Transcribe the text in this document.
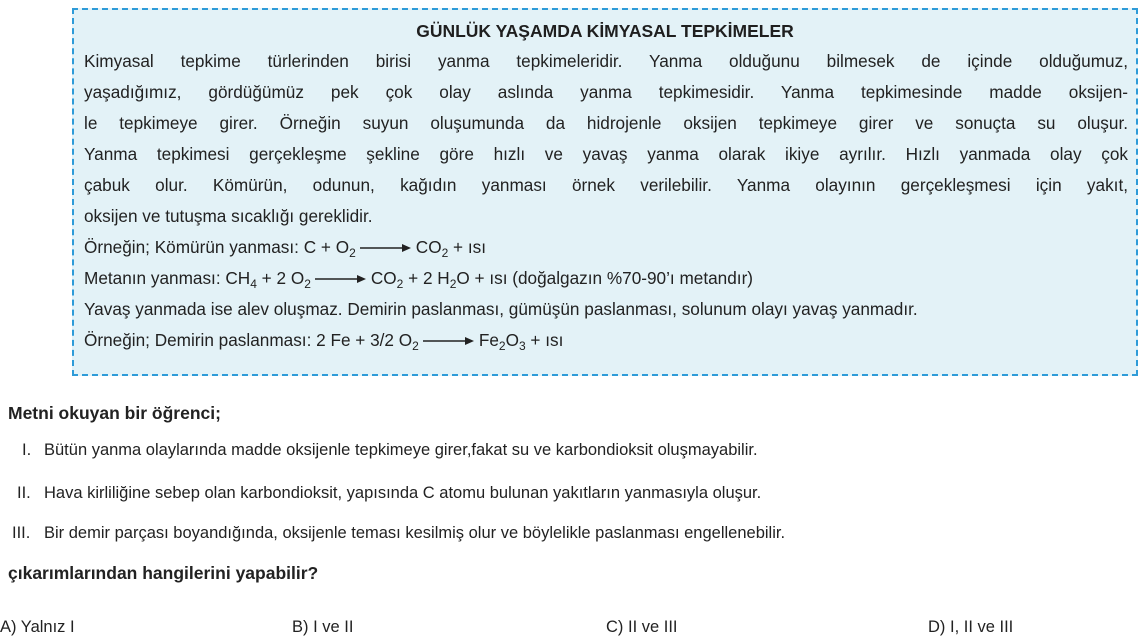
GÜNLÜK YAŞAMDA KİMYASAL TEPKİMELER

Kimyasal tepkime türlerinden birisi yanma tepkimeleridir. Yanma olduğunu bilmesek de içinde olduğumuz,

yaşadığımız, gördüğümüz pek çok olay aslında yanma tepkimesidir. Yanma tepkimesinde madde oksijen-

le tepkimeye girer. Örneğin suyun oluşumunda da hidrojenle oksijen tepkimeye girer ve sonuçta su oluşur.

Yanma tepkimesi gerçekleşme şekline göre hızlı ve yavaş yanma olarak ikiye ayrılır. Hızlı yanmada olay çok

çabuk olur. Kömürün, odunun, kağıdın yanması örnek verilebilir. Yanma olayının gerçekleşmesi için yakıt,

oksijen ve tutuşma sıcaklığı gereklidir.

Örneğin; Kömürün yanması: $C + O_2 \to CO_2$ + ısı

Metanın yanması: $CH_4 + 2$ $O_2 \to CO_2 + 2$ $H_2O$ + ısı (doğalgazın %70-90’ı metandır)

Yavaş yanmada ise alev oluşmaz. Demirin paslanması, gümüşün paslanması, solunum olayı yavaş yanmadır.

Örneğin; Demirin paslanması: 2 Fe + 3/2 $O_2 \to Fe_2O_3$ + ısı

Metni okuyan bir öğrenci;

I. Bütün yanma olaylarında madde oksijenle tepkimeye girer,fakat su ve karbondioksit oluşmayabilir.

II. Hava kirliliğine sebep olan karbondioksit, yapısında C atomu bulunan yakıtların yanmasıyla oluşur.

III. Bir demir parçası boyandığında, oksijenle teması kesilmiş olur ve böylelikle paslanması engellenebilir.

çıkarımlarından hangilerini yapabilir?

A) Yalnız I	B) I ve II	C) II ve III	D) I, II ve III
